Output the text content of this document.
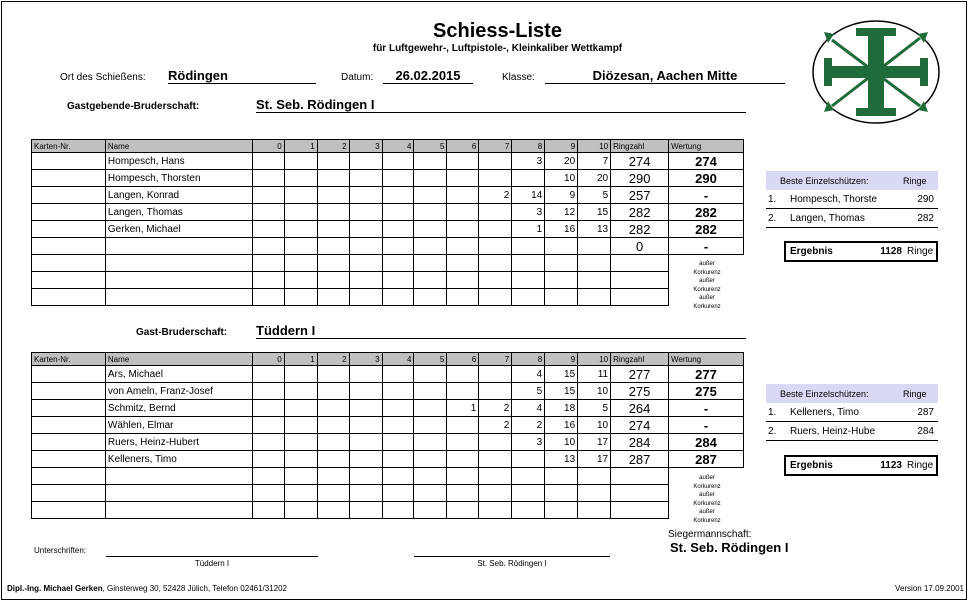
Schiess-Liste
für Luftgewehr-, Luftpistole-, Kleinkaliber Wettkampf
Ort des Schießens: Rödingen	Datum:	26.02.2015	Klasse:	Diözesan, Aachen Mitte
Gastgebende-Bruderschaft:	St. Seb. Rödingen I
Karten-Nr.	Name	0	1	2	3	4	5	6	7	8	9	10	Ringzahl	Wertung
	Hompesch, Hans									3	20	7	274	274
	Hompesch, Thorsten										10	20	290	290
	Langen, Konrad								2	14	9	5	257	-
	Langen, Thomas									3	12	15	282	282
	Gerken, Michael									1	16	13	282	282
													0	-

außer
Korkurenz
außer
Korkurenz
außer
Korkurenz
Beste Einzelschützen:	Ringe
1.	Hompesch, Thorste	290
2.	Langen, Thomas	282
Ergebnis	1128 Ringe
Gast-Bruderschaft: Tüddern I
Karten-Nr.	Name	0	1	2	3	4	5	6	7	8	9	10	Ringzahl	Wertung
	Ars, Michael									4	15	11	277	277
	von Ameln, Franz-Josef									5	15	10	275	275
	Schmitz, Bernd							1	2	4	18	5	264	-
	Wählen, Elmar								2	2	16	10	274	-
	Ruers, Heinz-Hubert									3	10	17	284	284
	Kelleners, Timo										13	17	287	287

außer
Korkurenz
außer
Korkurenz
außer
Korkurenz
Beste Einzelschützen:	Ringe
1.	Kelleners, Timo	287
2.	Ruers, Heinz-Hube	284
Ergebnis	1123 Ringe
Siegermannschaft:
St. Seb. Rödingen I
Unterschriften:
Tüddern I	St. Seb. Rödingen I
Dipl.-Ing. Michael Gerken, Ginsterweg 30, 52428 Jülich, Telefon 02461/31202	Version 17.09.2001
